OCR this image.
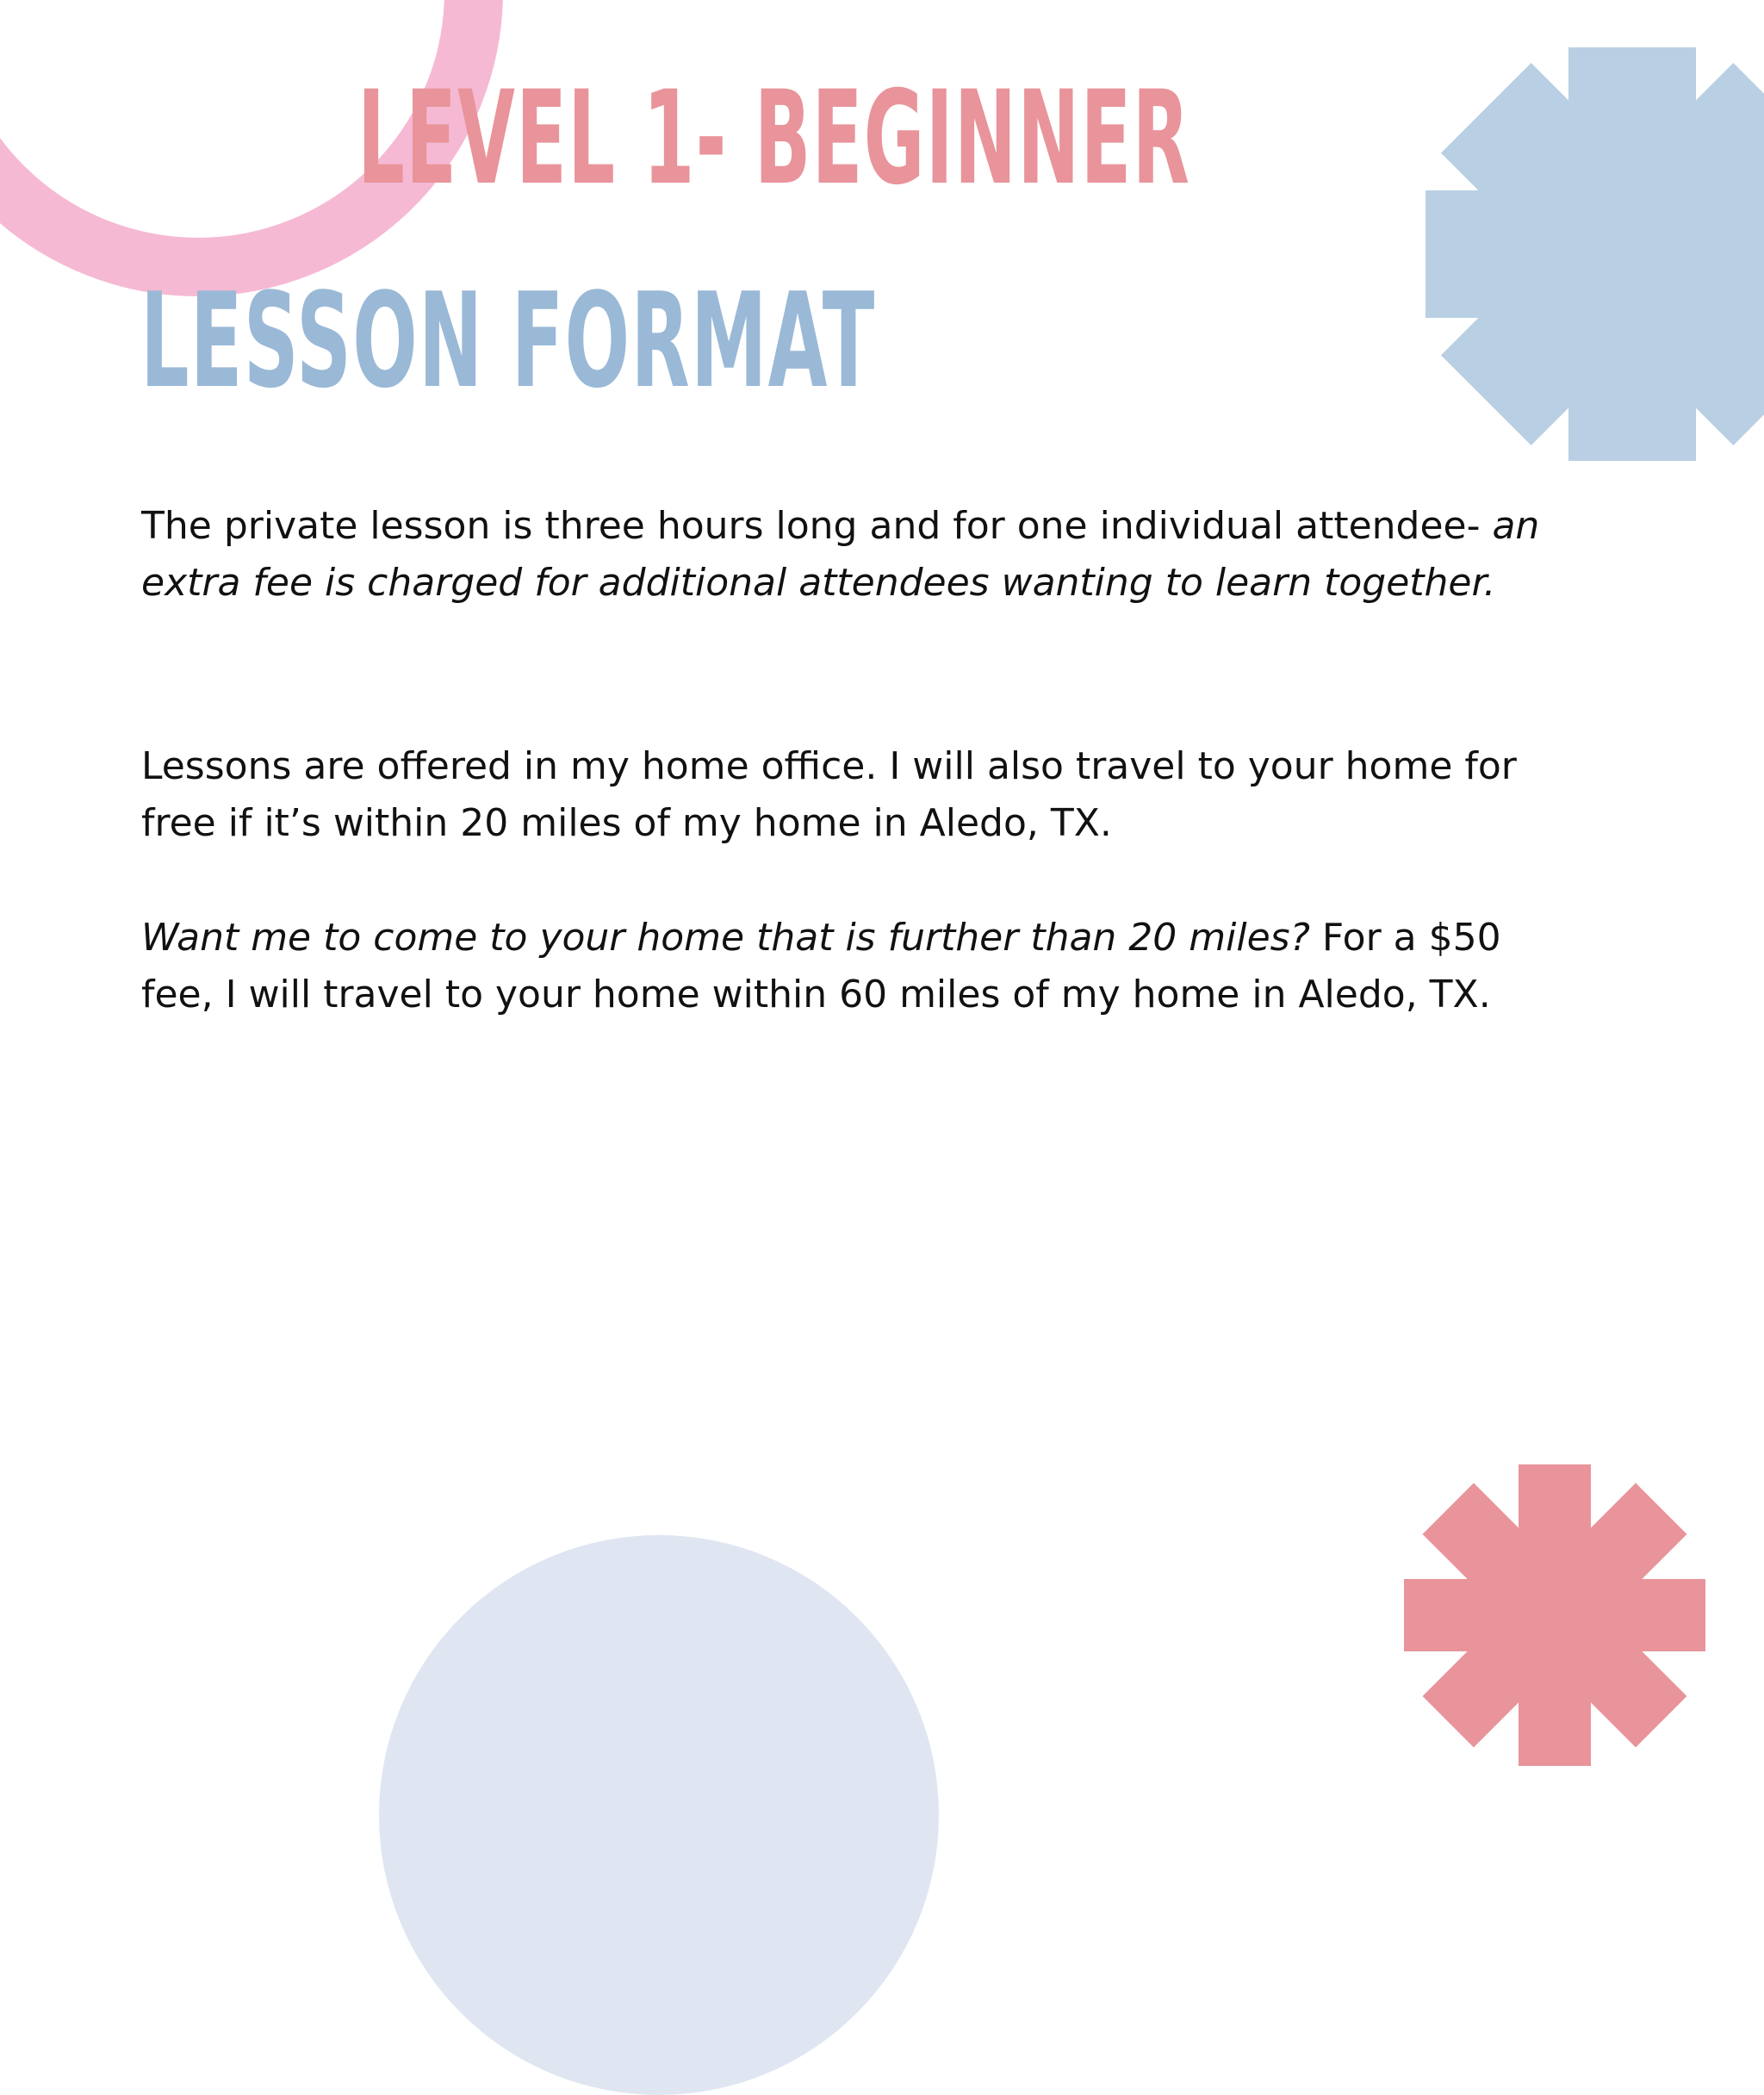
LEVEL 1- BEGINNER
LESSON FORMAT

The private lesson is three hours long and for one individual attendee- an extra fee is charged for additional attendees wanting to learn together.

Lessons are offered in my home office. I will also travel to your home for free if it’s within 20 miles of my home in Aledo, TX.

Want me to come to your home that is further than 20 miles? For a $50 fee, I will travel to your home within 60 miles of my home in Aledo, TX.
